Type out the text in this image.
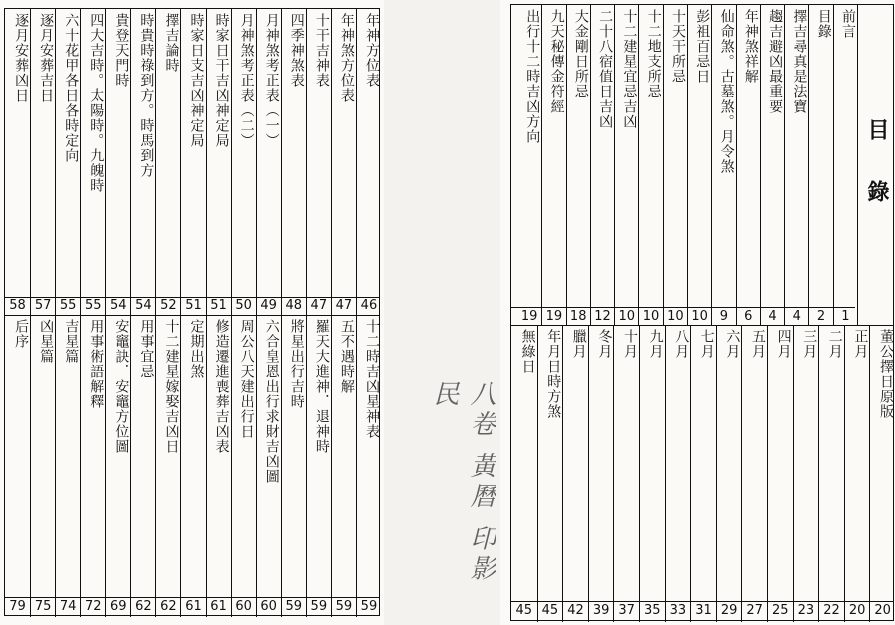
年神方位表
46
十二時吉凶星神表
59
年神煞方位表
47
五不遇時解
59
十干吉神表
47
羅天大進神．退神時
59
四季神煞表
48
將星出行吉時
59
月神煞考正表（一）
49
六合皇恩出行求財吉凶圖
60
月神煞考正表（二）
50
周公八天建出行日
60
時家日干吉凶神定局
51
修造遷進喪葬吉凶表
61
時家日支吉凶神定局
51
定期出煞
61
擇吉論時
52
十二建星嫁娶吉凶日
62
時貴時祿到方。時馬到方
54
用事宜忌
62
貴登天門時
54
安竈訣．安竈方位圖
69
四大吉時。太陽時。九魄時
55
用事術語解釋
72
六十花甲各日各時定向
55
吉星篇
74
逐月安葬吉日
57
凶星篇
75
逐月安葬凶日
58
后序
79
八卷 黃曆 印影 民
前言
1
目錄
2
擇吉尋真是法寶
4
趨吉避凶最重要
4
年神煞祥解
6
仙命煞。古墓煞。月令煞
9
彭祖百忌日
10
十天干所忌
10
十二地支所忌
10
十二建星宜忌吉凶
10
二十八宿值日吉凶
12
大金剛日所忌
18
九天秘傳金符經
19
出行十二時吉凶方向
19
董公擇日原版
20
正月
20
二月
22
三月
23
四月
25
五月
27
六月
29
七月
31
八月
33
九月
35
十月
37
冬月
39
臘月
42
年月日時方煞
45
無綠日
45
目錄
